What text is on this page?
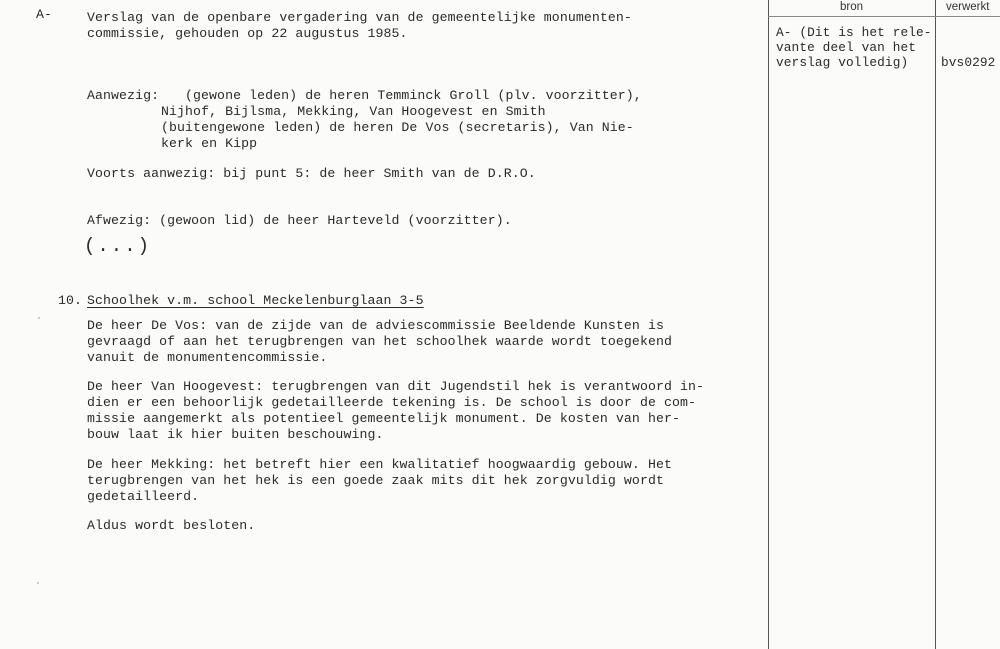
A-	Verslag van de openbare vergadering van de gemeentelijke monumenten-
commissie, gehouden op 22 augustus 1985.
Aanwezig: (gewone leden) de heren Temminck Groll (plv. voorzitter),
Nijhof, Bijlsma, Mekking, Van Hoogevest en Smith
(buitengewone leden) de heren De Vos (secretaris), Van Nie-
kerk en Kipp
Voorts aanwezig: bij punt 5: de heer Smith van de D.R.O.
Afwezig: (gewoon lid) de heer Harteveld (voorzitter).
(...)
10. Schoolhek v.m. school Meckelenburglaan 3-5
De heer De Vos: van de zijde van de adviescommissie Beeldende Kunsten is
gevraagd of aan het terugbrengen van het schoolhek waarde wordt toegekend
vanuit de monumentencommissie.
De heer Van Hoogevest: terugbrengen van dit Jugendstil hek is verantwoord in-
dien er een behoorlijk gedetailleerde tekening is. De school is door de com-
missie aangemerkt als potentieel gemeentelijk monument. De kosten van her-
bouw laat ik hier buiten beschouwing.
De heer Mekking: het betreft hier een kwalitatief hoogwaardig gebouw. Het
terugbrengen van het hek is een goede zaak mits dit hek zorgvuldig wordt
gedetailleerd.
Aldus wordt besloten.
bron	verwerkt
A- (Dit is het rele-
vante deel van het
verslag volledig)	bvs0292
